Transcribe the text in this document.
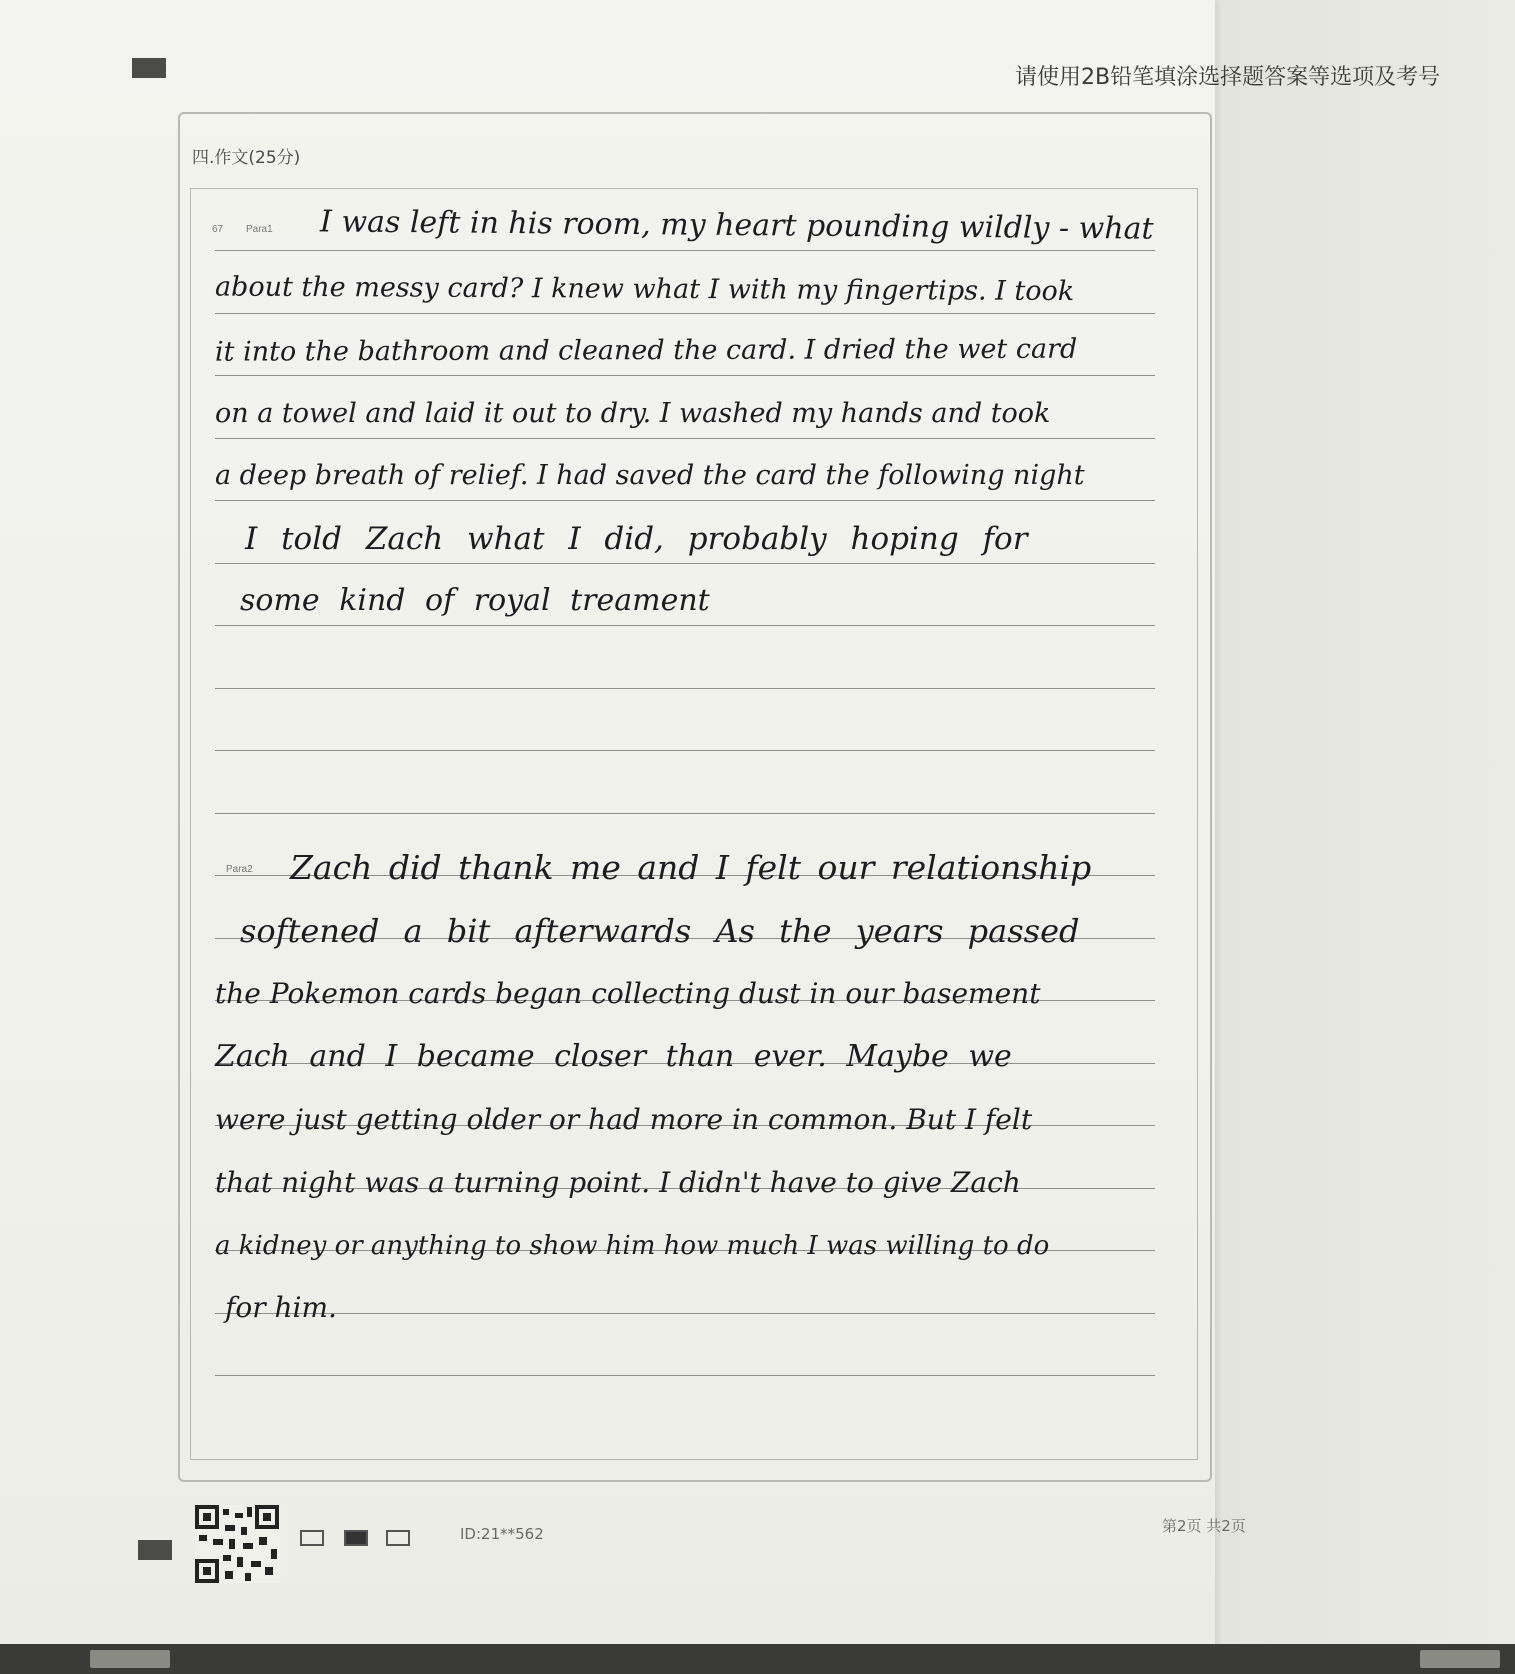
请使用2B铅笔填涂选择题答案等选项及考号
四.作文(25分)
67 Para1
Para2
I was left in his room, my heart pounding wildly - what
about the messy card? I knew what I with my fingertips. I took
it into the bathroom and cleaned the card. I dried the wet card
on a towel and laid it out to dry. I washed my hands and took
a deep breath of relief. I had saved the card the following night
I told Zach what I did, probably hoping for
some kind of royal treament
Zach did thank me and I felt our relationship
softened a bit afterwards As the years passed
the Pokemon cards began collecting dust in our basement
Zach and I became closer than ever. Maybe we
were just getting older or had more in common. But I felt
that night was a turning point. I didn't have to give Zach
a kidney or anything to show him how much I was willing to do
for him.
ID:21**562	第2页 共2页
